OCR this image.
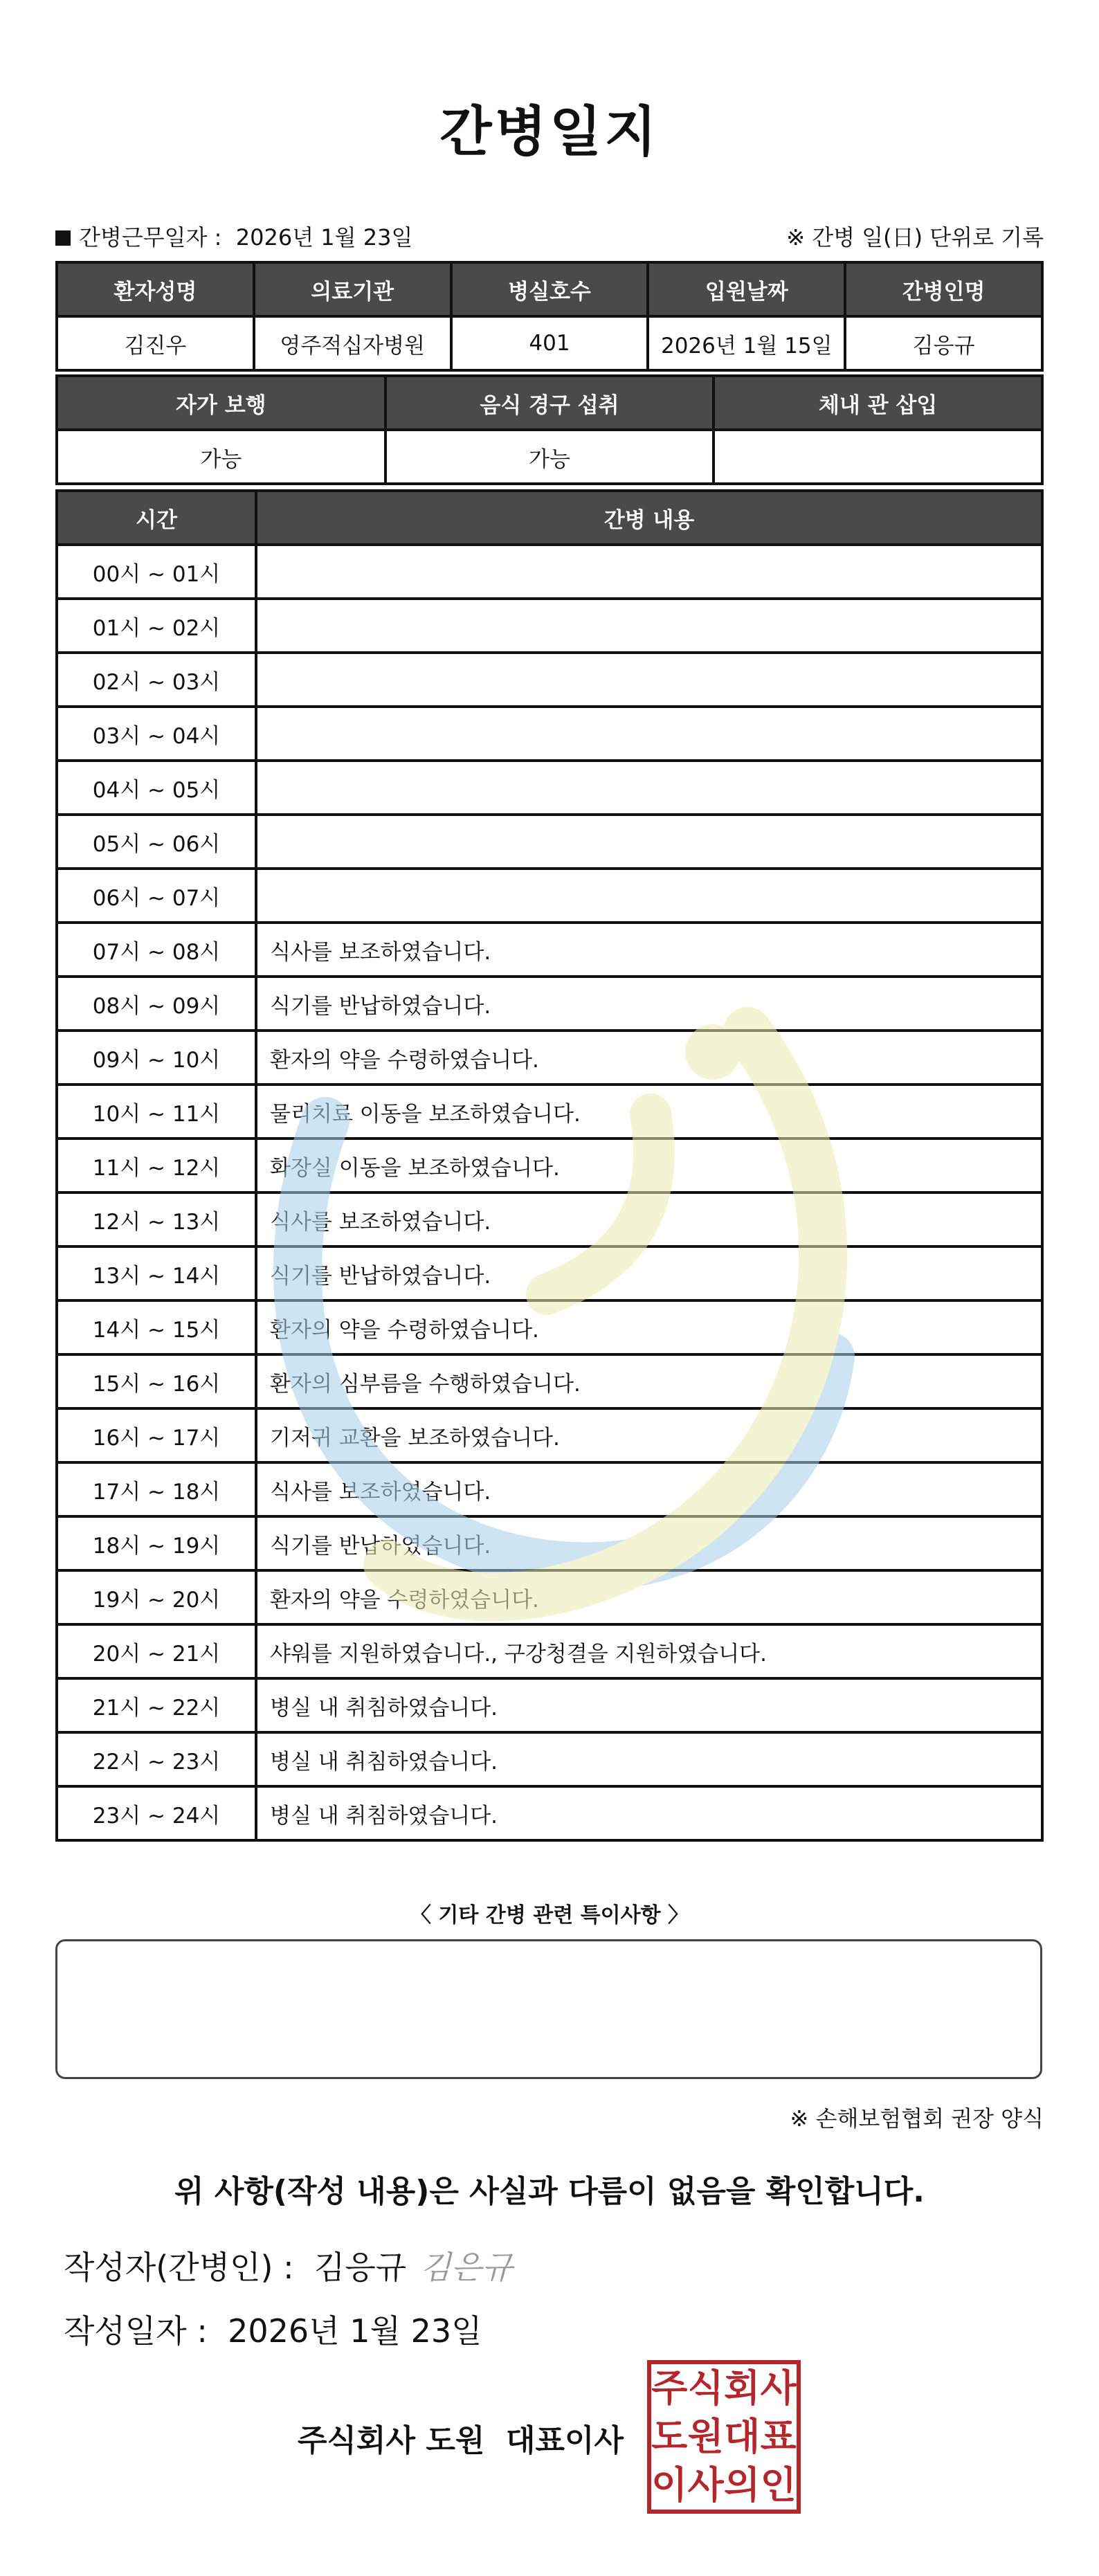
간병일지
간병근무일자 : 2026년 1월 23일	※ 간병 일(日) 단위로 기록
환자성명	의료기관	병실호수	입원날짜	간병인명
김진우	영주적십자병원	401	2026년 1월 15일	김응규
자가 보행	음식 경구 섭취	체내 관 삽입
가능	가능	
시간	간병 내용
00시 ~ 01시	
01시 ~ 02시	
02시 ~ 03시	
03시 ~ 04시	
04시 ~ 05시	
05시 ~ 06시	
06시 ~ 07시	
07시 ~ 08시	식사를 보조하였습니다.
08시 ~ 09시	식기를 반납하였습니다.
09시 ~ 10시	환자의 약을 수령하였습니다.
10시 ~ 11시	물리치료 이동을 보조하였습니다.
11시 ~ 12시	화장실 이동을 보조하였습니다.
12시 ~ 13시	식사를 보조하였습니다.
13시 ~ 14시	식기를 반납하였습니다.
14시 ~ 15시	환자의 약을 수령하였습니다.
15시 ~ 16시	환자의 심부름을 수행하였습니다.
16시 ~ 17시	기저귀 교환을 보조하였습니다.
17시 ~ 18시	식사를 보조하였습니다.
18시 ~ 19시	식기를 반납하였습니다.
19시 ~ 20시	환자의 약을 수령하였습니다.
20시 ~ 21시	샤워를 지원하였습니다., 구강청결을 지원하였습니다.
21시 ~ 22시	병실 내 취침하였습니다.
22시 ~ 23시	병실 내 취침하였습니다.
23시 ~ 24시	병실 내 취침하였습니다.
〈 기타 간병 관련 특이사항 〉
※ 손해보험협회 권장 양식
위 사항(작성 내용)은 사실과 다름이 없음을 확인합니다.
작성자(간병인) : 김응규 김은규
작성일자 : 2026년 1월 23일
주식회사 도원  대표이사
주 식 회 사
도 원 대 표
이 사 의 인
